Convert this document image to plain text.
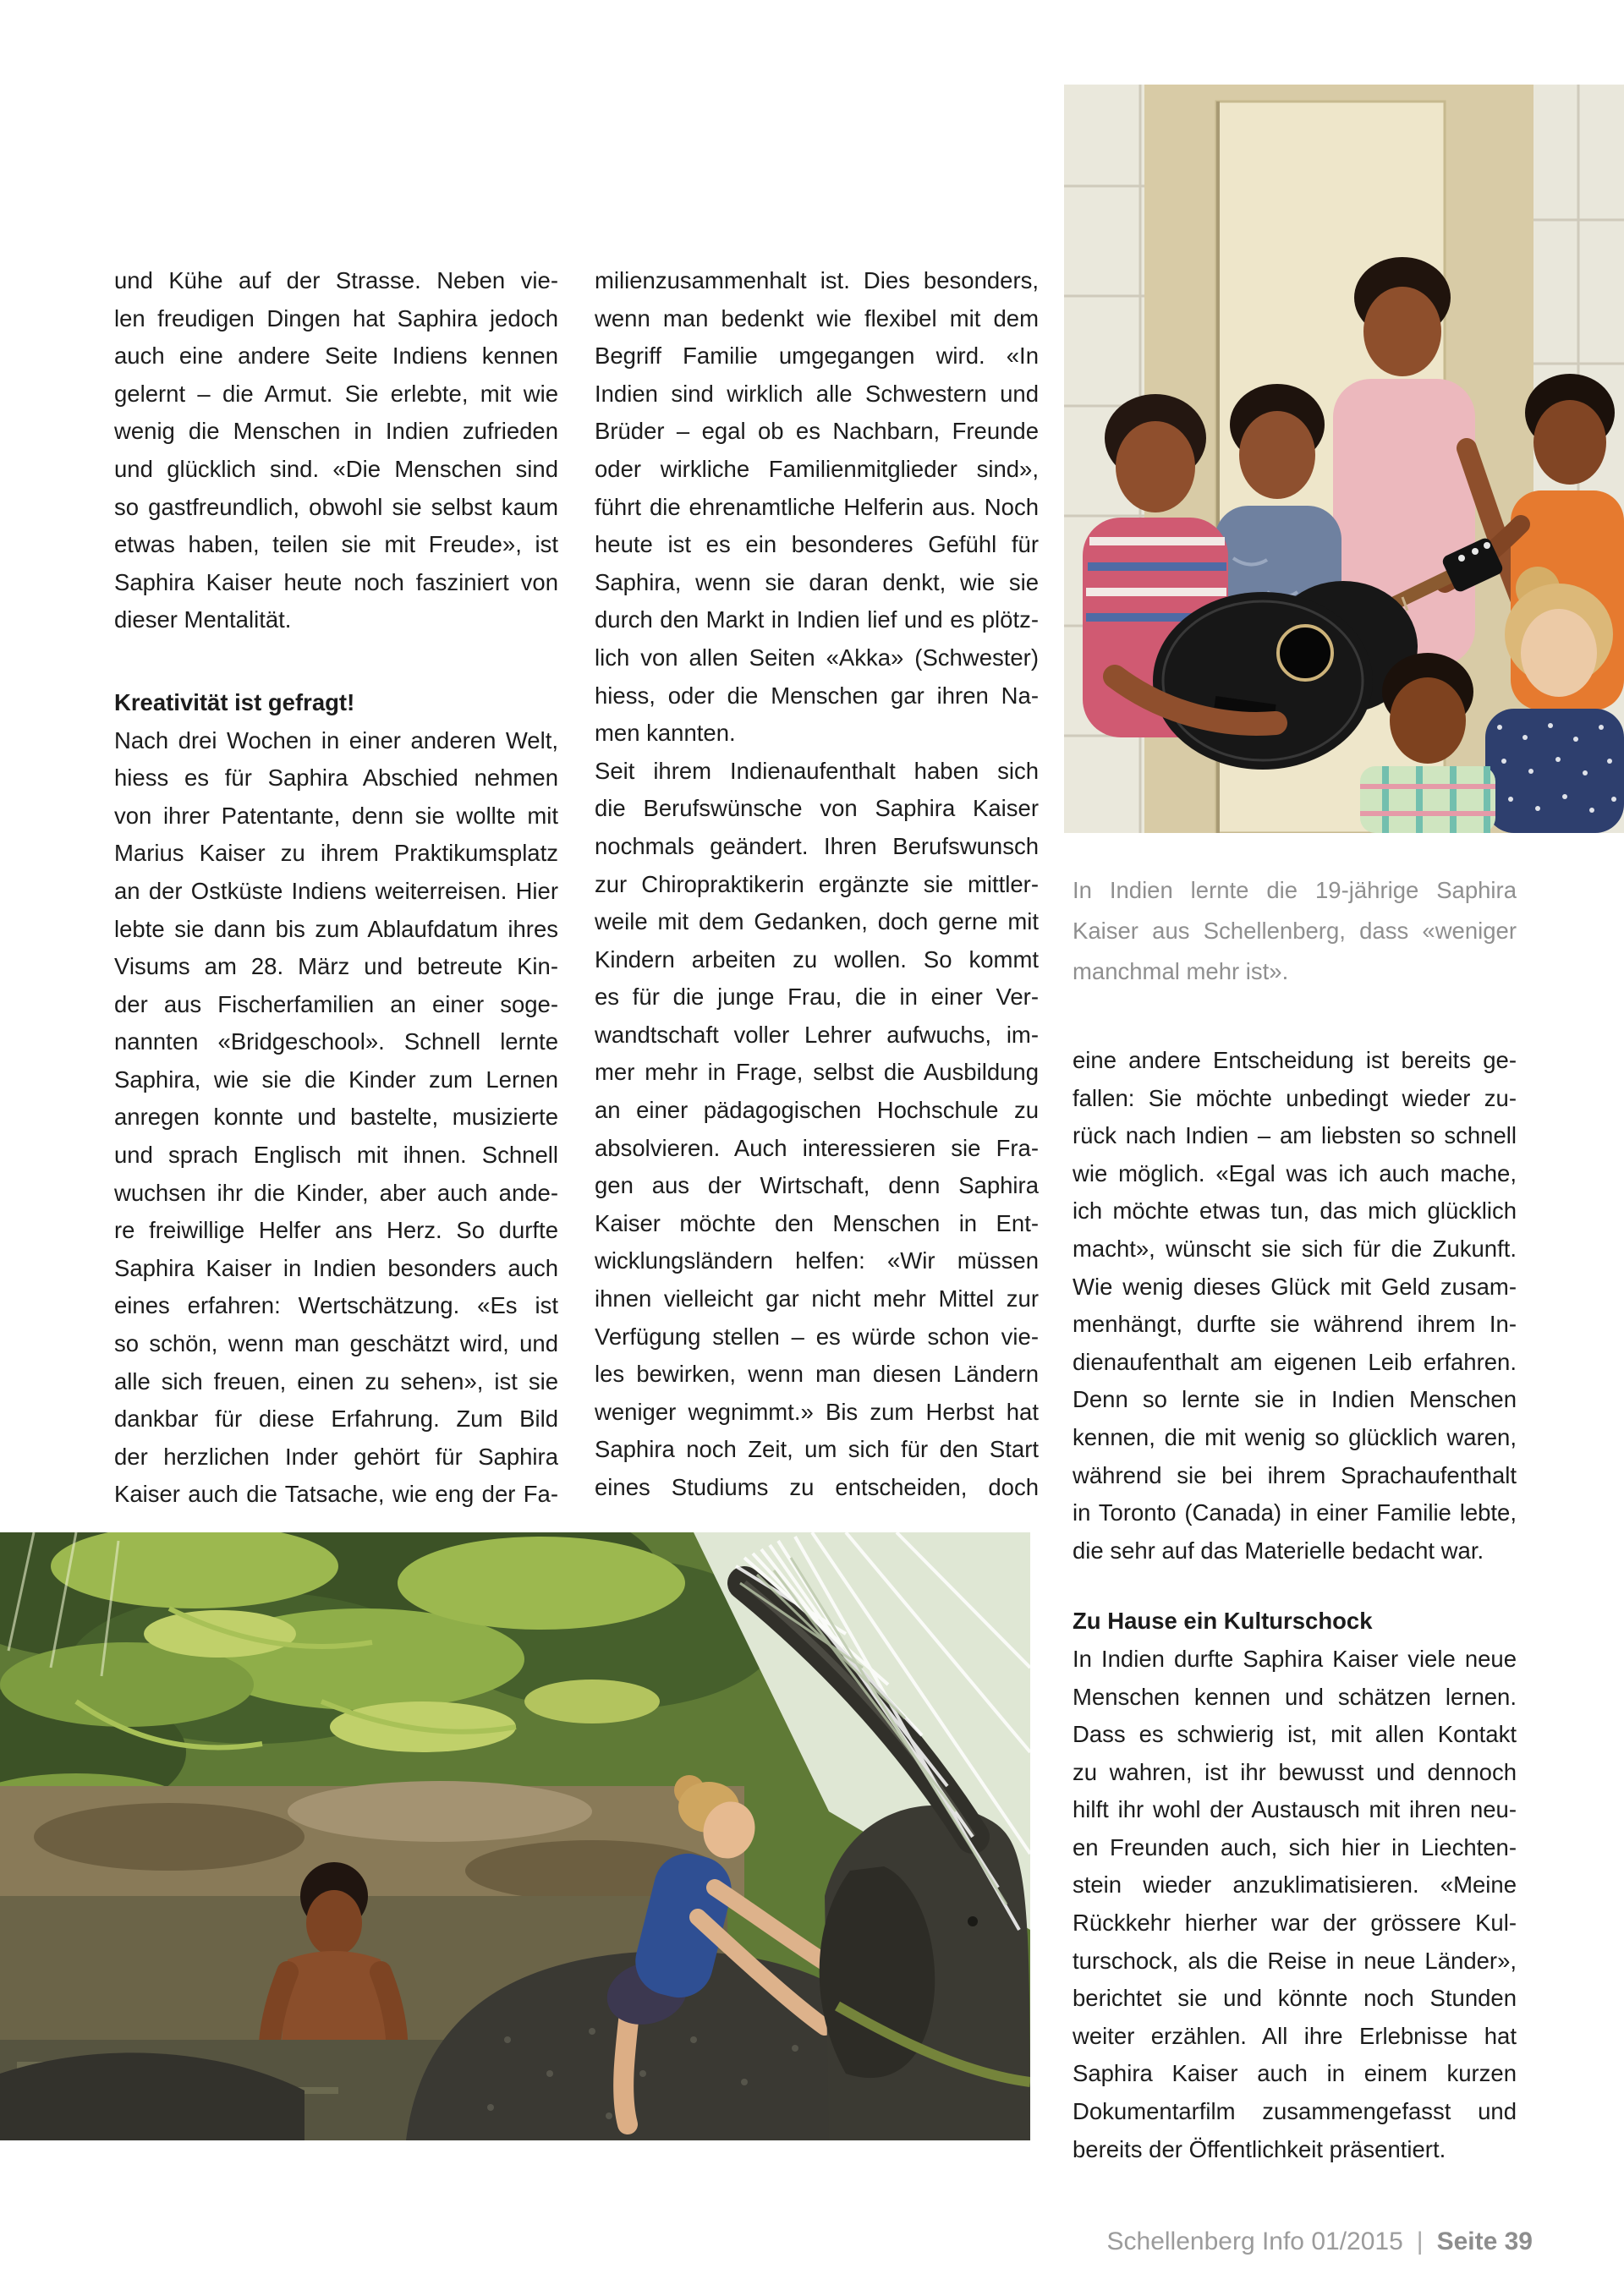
und Kühe auf der Strasse. Neben vie-
len freudigen Dingen hat Saphira jedoch
auch eine andere Seite Indiens kennen
gelernt – die Armut. Sie erlebte, mit wie
wenig die Menschen in Indien zufrieden
und glücklich sind. «Die Menschen sind
so gastfreundlich, obwohl sie selbst kaum
etwas haben, teilen sie mit Freude», ist
Saphira Kaiser heute noch fasziniert von
dieser Mentalität.
Kreativität ist gefragt!
Nach drei Wochen in einer anderen Welt,
hiess es für Saphira Abschied nehmen
von ihrer Patentante, denn sie wollte mit
Marius Kaiser zu ihrem Praktikumsplatz
an der Ostküste Indiens weiterreisen. Hier
lebte sie dann bis zum Ablaufdatum ihres
Visums am 28. März und betreute Kin-
der aus Fischerfamilien an einer soge-
nannten «Bridgeschool». Schnell lernte
Saphira, wie sie die Kinder zum Lernen
anregen konnte und bastelte, musizierte
und sprach Englisch mit ihnen. Schnell
wuchsen ihr die Kinder, aber auch ande-
re freiwillige Helfer ans Herz. So durfte
Saphira Kaiser in Indien besonders auch
eines erfahren: Wertschätzung. «Es ist
so schön, wenn man geschätzt wird, und
alle sich freuen, einen zu sehen», ist sie
dankbar für diese Erfahrung. Zum Bild
der herzlichen Inder gehört für Saphira
Kaiser auch die Tatsache, wie eng der Fa-
milienzusammenhalt ist. Dies besonders,
wenn man bedenkt wie flexibel mit dem
Begriff Familie umgegangen wird. «In
Indien sind wirklich alle Schwestern und
Brüder – egal ob es Nachbarn, Freunde
oder wirkliche Familienmitglieder sind»,
führt die ehrenamtliche Helferin aus. Noch
heute ist es ein besonderes Gefühl für
Saphira, wenn sie daran denkt, wie sie
durch den Markt in Indien lief und es plötz-
lich von allen Seiten «Akka» (Schwester)
hiess, oder die Menschen gar ihren Na-
men kannten.
Seit ihrem Indienaufenthalt haben sich
die Berufswünsche von Saphira Kaiser
nochmals geändert. Ihren Berufswunsch
zur Chiropraktikerin ergänzte sie mittler-
weile mit dem Gedanken, doch gerne mit
Kindern arbeiten zu wollen. So kommt
es für die junge Frau, die in einer Ver-
wandtschaft voller Lehrer aufwuchs, im-
mer mehr in Frage, selbst die Ausbildung
an einer pädagogischen Hochschule zu
absolvieren. Auch interessieren sie Fra-
gen aus der Wirtschaft, denn Saphira
Kaiser möchte den Menschen in Ent-
wicklungsländern helfen: «Wir müssen
ihnen vielleicht gar nicht mehr Mittel zur
Verfügung stellen – es würde schon vie-
les bewirken, wenn man diesen Ländern
weniger wegnimmt.» Bis zum Herbst hat
Saphira noch Zeit, um sich für den Start
eines Studiums zu entscheiden, doch
In Indien lernte die 19-jährige Saphira
Kaiser aus Schellenberg, dass «weniger
manchmal mehr ist».
eine andere Entscheidung ist bereits ge-
fallen: Sie möchte unbedingt wieder zu-
rück nach Indien – am liebsten so schnell
wie möglich. «Egal was ich auch mache,
ich möchte etwas tun, das mich glücklich
macht», wünscht sie sich für die Zukunft.
Wie wenig dieses Glück mit Geld zusam-
menhängt, durfte sie während ihrem In-
dienaufenthalt am eigenen Leib erfahren.
Denn so lernte sie in Indien Menschen
kennen, die mit wenig so glücklich waren,
während sie bei ihrem Sprachaufenthalt
in Toronto (Canada) in einer Familie lebte,
die sehr auf das Materielle bedacht war.
Zu Hause ein Kulturschock
In Indien durfte Saphira Kaiser viele neue
Menschen kennen und schätzen lernen.
Dass es schwierig ist, mit allen Kontakt
zu wahren, ist ihr bewusst und dennoch
hilft ihr wohl der Austausch mit ihren neu-
en Freunden auch, sich hier in Liechten-
stein wieder anzuklimatisieren. «Meine
Rückkehr hierher war der grössere Kul-
turschock, als die Reise in neue Länder»,
berichtet sie und könnte noch Stunden
weiter erzählen. All ihre Erlebnisse hat
Saphira Kaiser auch in einem kurzen
Dokumentarfilm zusammengefasst und
bereits der Öffentlichkeit präsentiert.
Schellenberg Info 01/2015 | Seite 39
